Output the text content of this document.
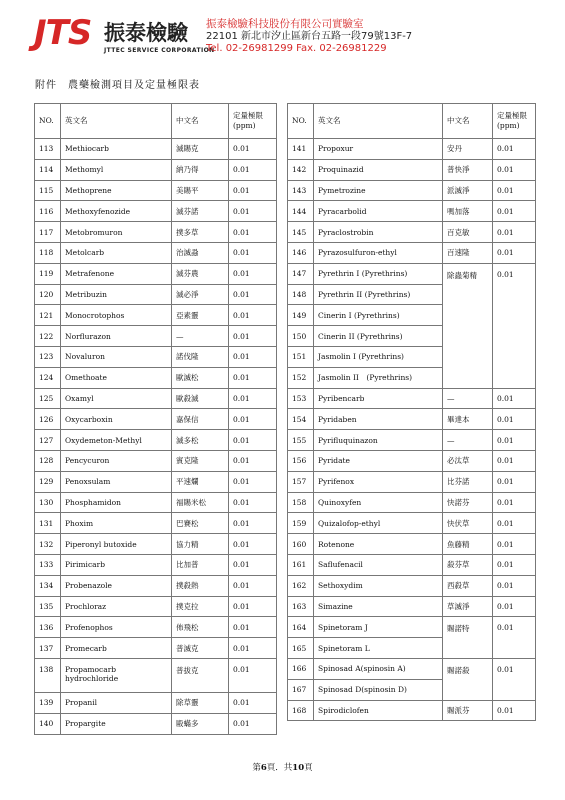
JTS 振泰檢驗
JTTEC SERVICE CORPORATION
振泰檢驗科技股份有限公司實驗室
22101 新北市汐止區新台五路一段79號13F-7
Tel. 02-26981299 Fax. 02-26981229
附件　農藥檢測項目及定量極限表
NO.	英文名	中文名	定量極限(ppm)
113	Methiocarb	滅賜克	0.01
114	Methomyl	納乃得	0.01
115	Methoprene	美賜平	0.01
116	Methoxyfenozide	滅芬諾	0.01
117	Metobromuron	撲多草	0.01
118	Metolcarb	治滅蝨	0.01
119	Metrafenone	滅芬農	0.01
120	Metribuzin	滅必淨	0.01
121	Monocrotophos	亞素靈	0.01
122	Norflurazon	—	0.01
123	Novaluron	諾伐隆	0.01
124	Omethoate	歐滅松	0.01
125	Oxamyl	歐殺滅	0.01
126	Oxycarboxin	嘉保信	0.01
127	Oxydemeton-Methyl	滅多松	0.01
128	Pencycuron	賓克隆	0.01
129	Penoxsulam	平速爛	0.01
130	Phosphamidon	福賜米松	0.01
131	Phoxim	巴賽松	0.01
132	Piperonyl butoxide	協力精	0.01
133	Pirimicarb	比加普	0.01
134	Probenazole	撲殺熱	0.01
135	Prochloraz	撲克拉	0.01
136	Profenophos	佈飛松	0.01
137	Promecarb	普滅克	0.01
138	Propamocarb hydrochloride	普拔克	0.01
139	Propanil	除草靈	0.01
140	Propargite	毆蟎多	0.01
NO.	英文名	中文名	定量極限(ppm)
141	Propoxur	安丹	0.01
142	Proquinazid	普快淨	0.01
143	Pymetrozine	派滅淨	0.01
144	Pyracarbolid	嗎加落	0.01
145	Pyraclostrobin	百克敏	0.01
146	Pyrazosulfuron-ethyl	百速隆	0.01
147	Pyrethrin I (Pyrethrins)	除蟲菊精	0.01
148	Pyrethrin II (Pyrethrins)		
149	Cinerin I (Pyrethrins)		
150	Cinerin II (Pyrethrins)		
151	Jasmolin I (Pyrethrins)		
152	Jasmolin II　(Pyrethrins)		
153	Pyribencarb	—	0.01
154	Pyridaben	畢達本	0.01
155	Pyrifluquinazon	—	0.01
156	Pyridate	必汰草	0.01
157	Pyrifenox	比芬諾	0.01
158	Quinoxyfen	快諾芬	0.01
159	Quizalofop-ethyl	快伏草	0.01
160	Rotenone	魚藤精	0.01
161	Saflufenacil	殺芬草	0.01
162	Sethoxydim	西殺草	0.01
163	Simazine	草滅淨	0.01
164	Spinetoram J	賜諾特	0.01
165	Spinetoram L		
166	Spinosad A(spinosin A)	賜諾殺	0.01
167	Spinosad D(spinosin D)		
168	Spirodiclofen	賜派芬	0.01
第6頁．共10頁
